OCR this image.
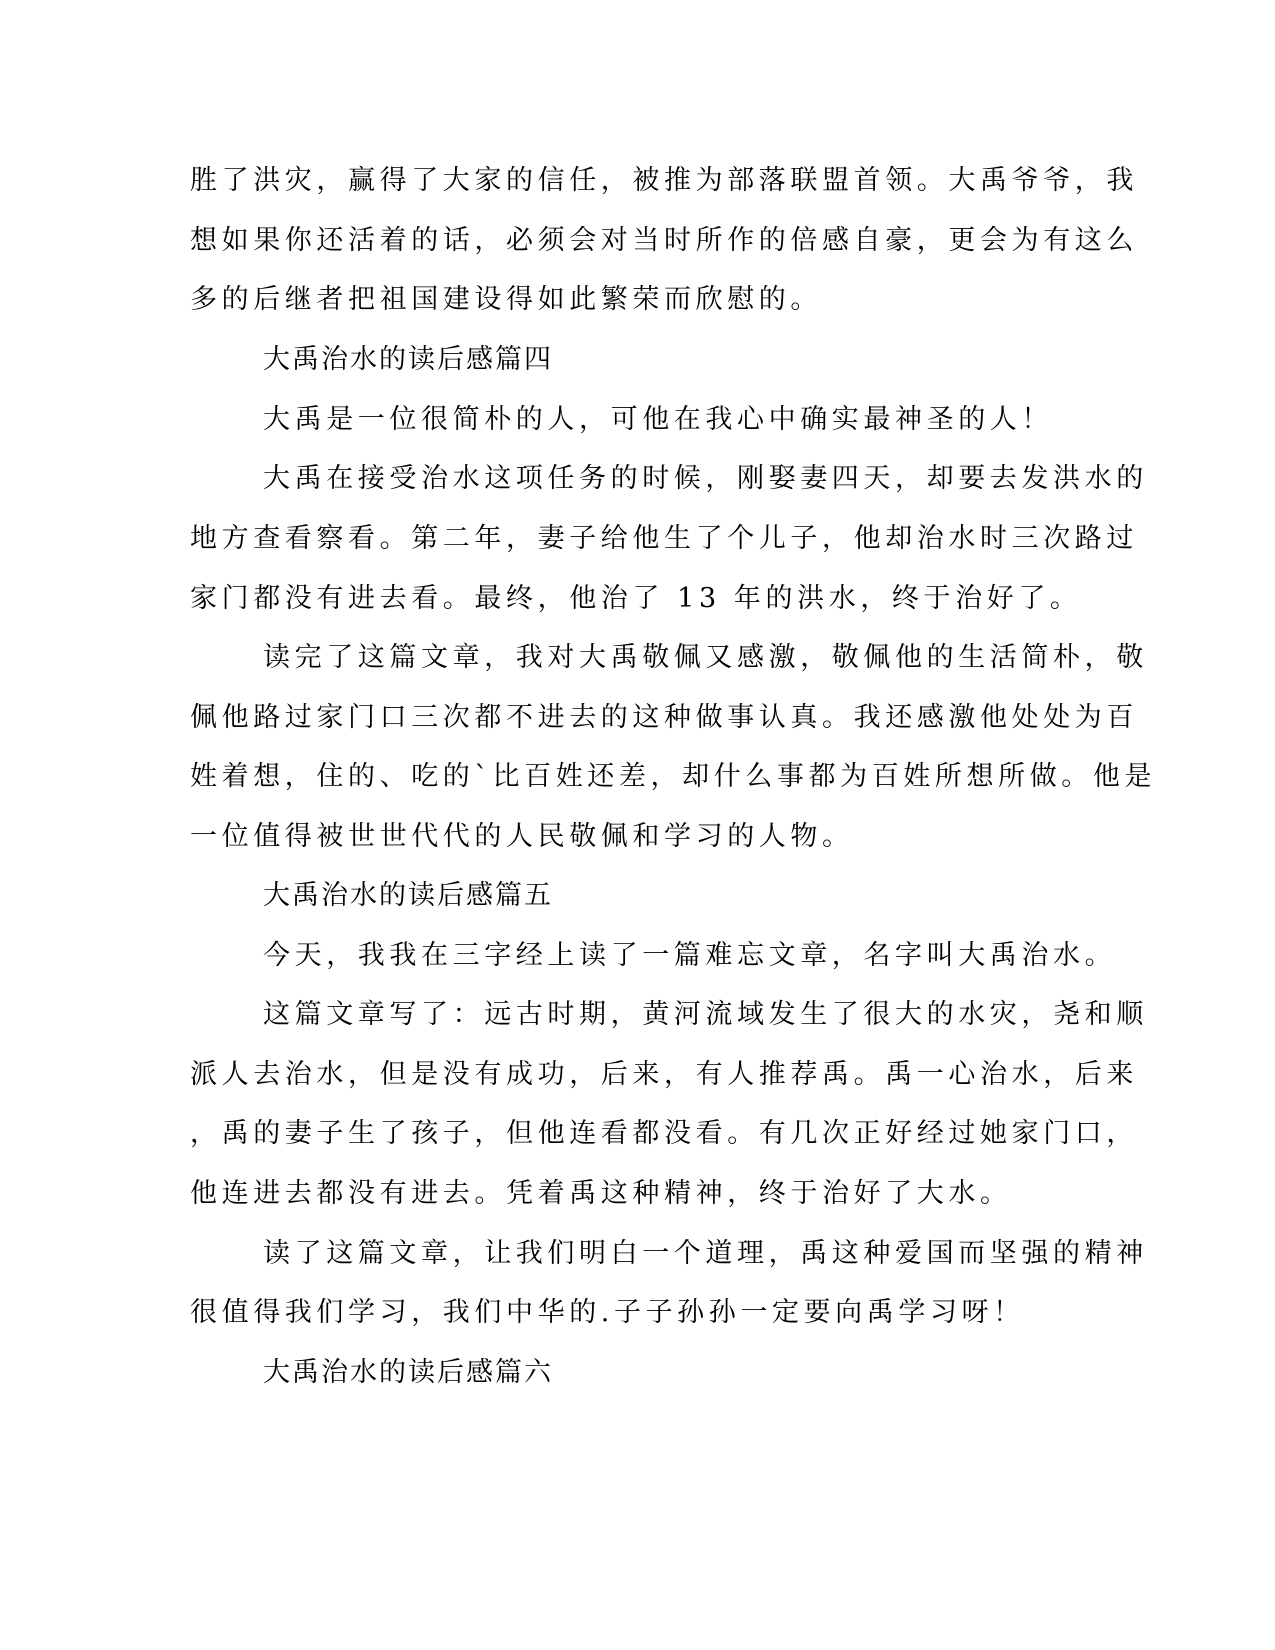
胜了洪灾，赢得了大家的信任，被推为部落联盟首领。大禹爷爷，我
想如果你还活着的话，必须会对当时所作的倍感自豪，更会为有这么
多的后继者把祖国建设得如此繁荣而欣慰的。
大禹治水的读后感篇四
大禹是一位很简朴的人，可他在我心中确实最神圣的人！
大禹在接受治水这项任务的时候，刚娶妻四天，却要去发洪水的
地方查看察看。第二年，妻子给他生了个儿子，他却治水时三次路过
家门都没有进去看。最终，他治了 13 年的洪水，终于治好了。
读完了这篇文章，我对大禹敬佩又感激，敬佩他的生活简朴，敬
佩他路过家门口三次都不进去的这种做事认真。我还感激他处处为百
姓着想，住的、吃的`比百姓还差，却什么事都为百姓所想所做。他是
一位值得被世世代代的人民敬佩和学习的人物。
大禹治水的读后感篇五
今天，我我在三字经上读了一篇难忘文章，名字叫大禹治水。
这篇文章写了：远古时期，黄河流域发生了很大的水灾，尧和顺
派人去治水，但是没有成功，后来，有人推荐禹。禹一心治水，后来
，禹的妻子生了孩子，但他连看都没看。有几次正好经过她家门口，
他连进去都没有进去。凭着禹这种精神，终于治好了大水。
读了这篇文章，让我们明白一个道理，禹这种爱国而坚强的精神
很值得我们学习，我们中华的.子子孙孙一定要向禹学习呀！
大禹治水的读后感篇六
